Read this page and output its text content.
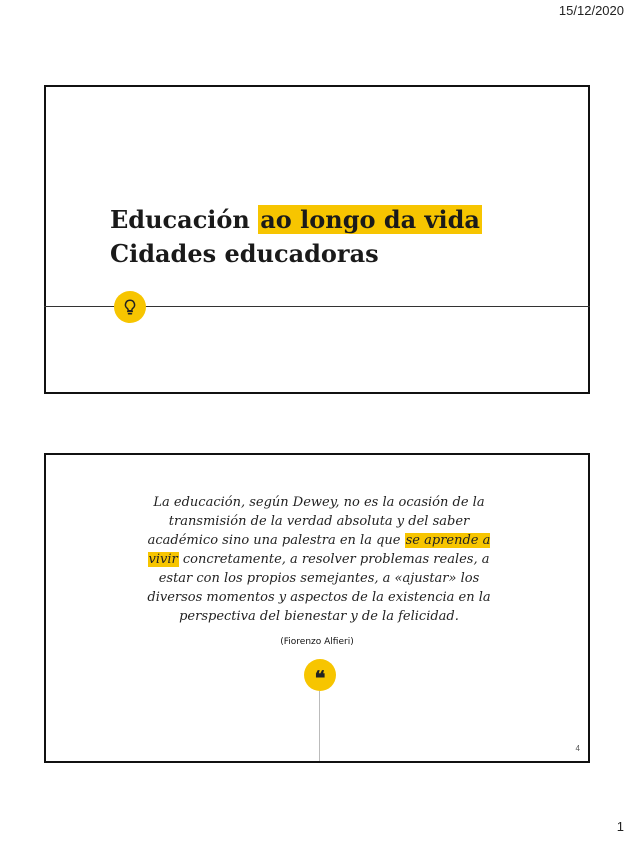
15/12/2020
Educación ao longo da vida
Cidades educadoras
La educación, según Dewey, no es la ocasión de la transmisión de la verdad absoluta y del saber académico sino una palestra en la que se aprende a vivir concretamente, a resolver problemas reales, a estar con los propios semejantes, a «ajustar» los diversos momentos y aspectos de la existencia en la perspectiva del bienestar y de la felicidad.
(Fiorenzo Alfieri)
❝
4
1
